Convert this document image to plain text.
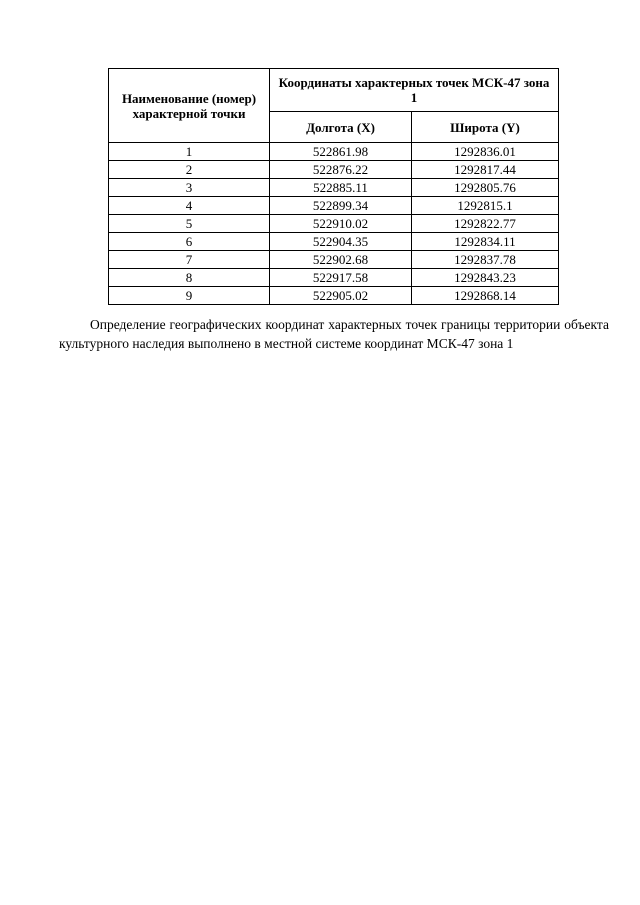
Наименование (номер) характерной точки	Координаты характерных точек МСК-47 зона 1	
	Долгота (X)	Широта (Y)
1	522861.98	1292836.01
2	522876.22	1292817.44
3	522885.11	1292805.76
4	522899.34	1292815.1
5	522910.02	1292822.77
6	522904.35	1292834.11
7	522902.68	1292837.78
8	522917.58	1292843.23
9	522905.02	1292868.14

Определение географических координат характерных точек границы территории объекта культурного наследия выполнено в местной системе координат МСК-47 зона 1
